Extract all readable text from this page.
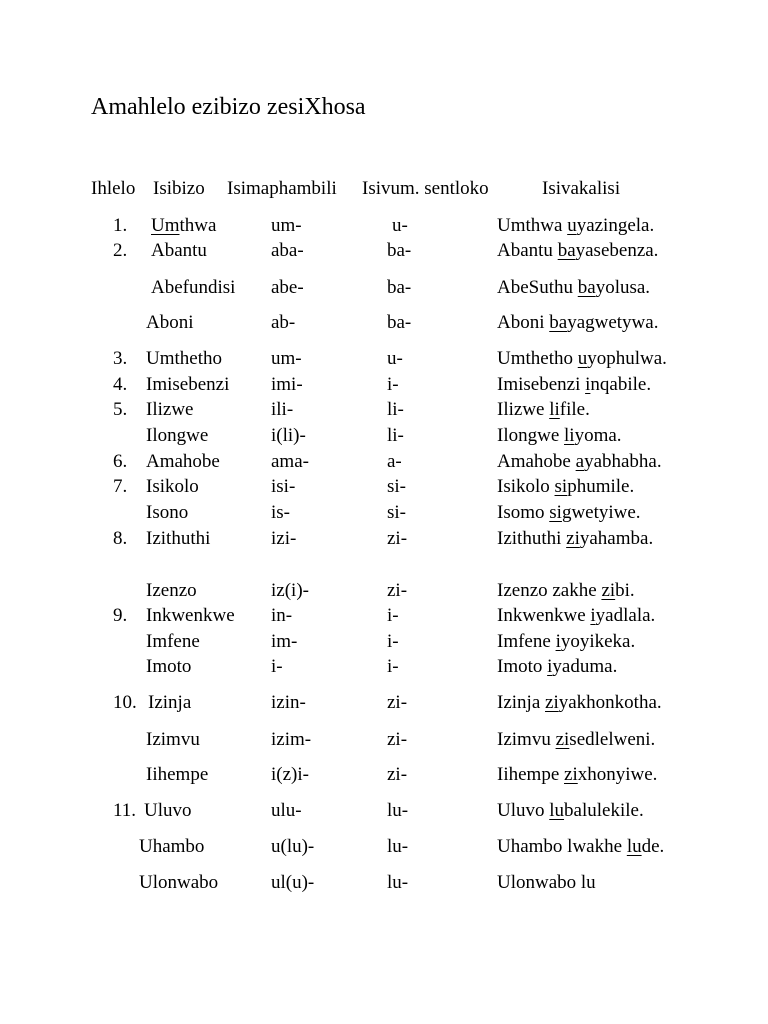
Amahlelo ezibizo zesiXhosa
Ihlelo Isibizo Isimaphambili Isivum. sentloko	Isivakalisi
1. Umthwa	um-	u-	Umthwa uyazingela.
2. Abantu	aba-	ba-	Abantu bayasebenza.
Abefundisi abe-	ba-	AbeSuthu bayolusa.
Aboni	ab-	ba-	Aboni bayagwetywa.
3. Umthetho	um-	u-	Umthetho uyophulwa.
4. Imisebenzi imi-	i-	Imisebenzi inqabile.
5. Ilizwe	ili-	li-	Ilizwe lifile.
Ilongwe	i(li)-	li-	Ilongwe liyoma.
6. Amahobe	ama-	a-	Amahobe ayabhabha.
7. Isikolo	isi-	si-	Isikolo siphumile.
Isono	is-	si-	Isomo sigwetyiwe.
8. Izithuthi	izi-	zi-	Izithuthi ziyahamba.
Izenzo	iz(i)-	zi-	Izenzo zakhe zibi.
9. Inkwenkwe in-	i-	Inkwenkwe iyadlala.
Imfene	im-	i-	Imfene iyoyikeka.
Imoto	i-	i-	Imoto iyaduma.
10. Izinja	izin-	zi-	Izinja ziyakhonkotha.
Izimvu	izim-	zi-	Izimvu zisedlelweni.
Iihempe	i(z)i-	zi-	Iihempe zixhonyiwe.
11. Uluvo	ulu-	lu-	Uluvo lubalulekile.
Uhambo	u(lu)-	lu-	Uhambo lwakhe lude.
Ulonwabo	ul(u)-	lu-	Ulonwabo lu
